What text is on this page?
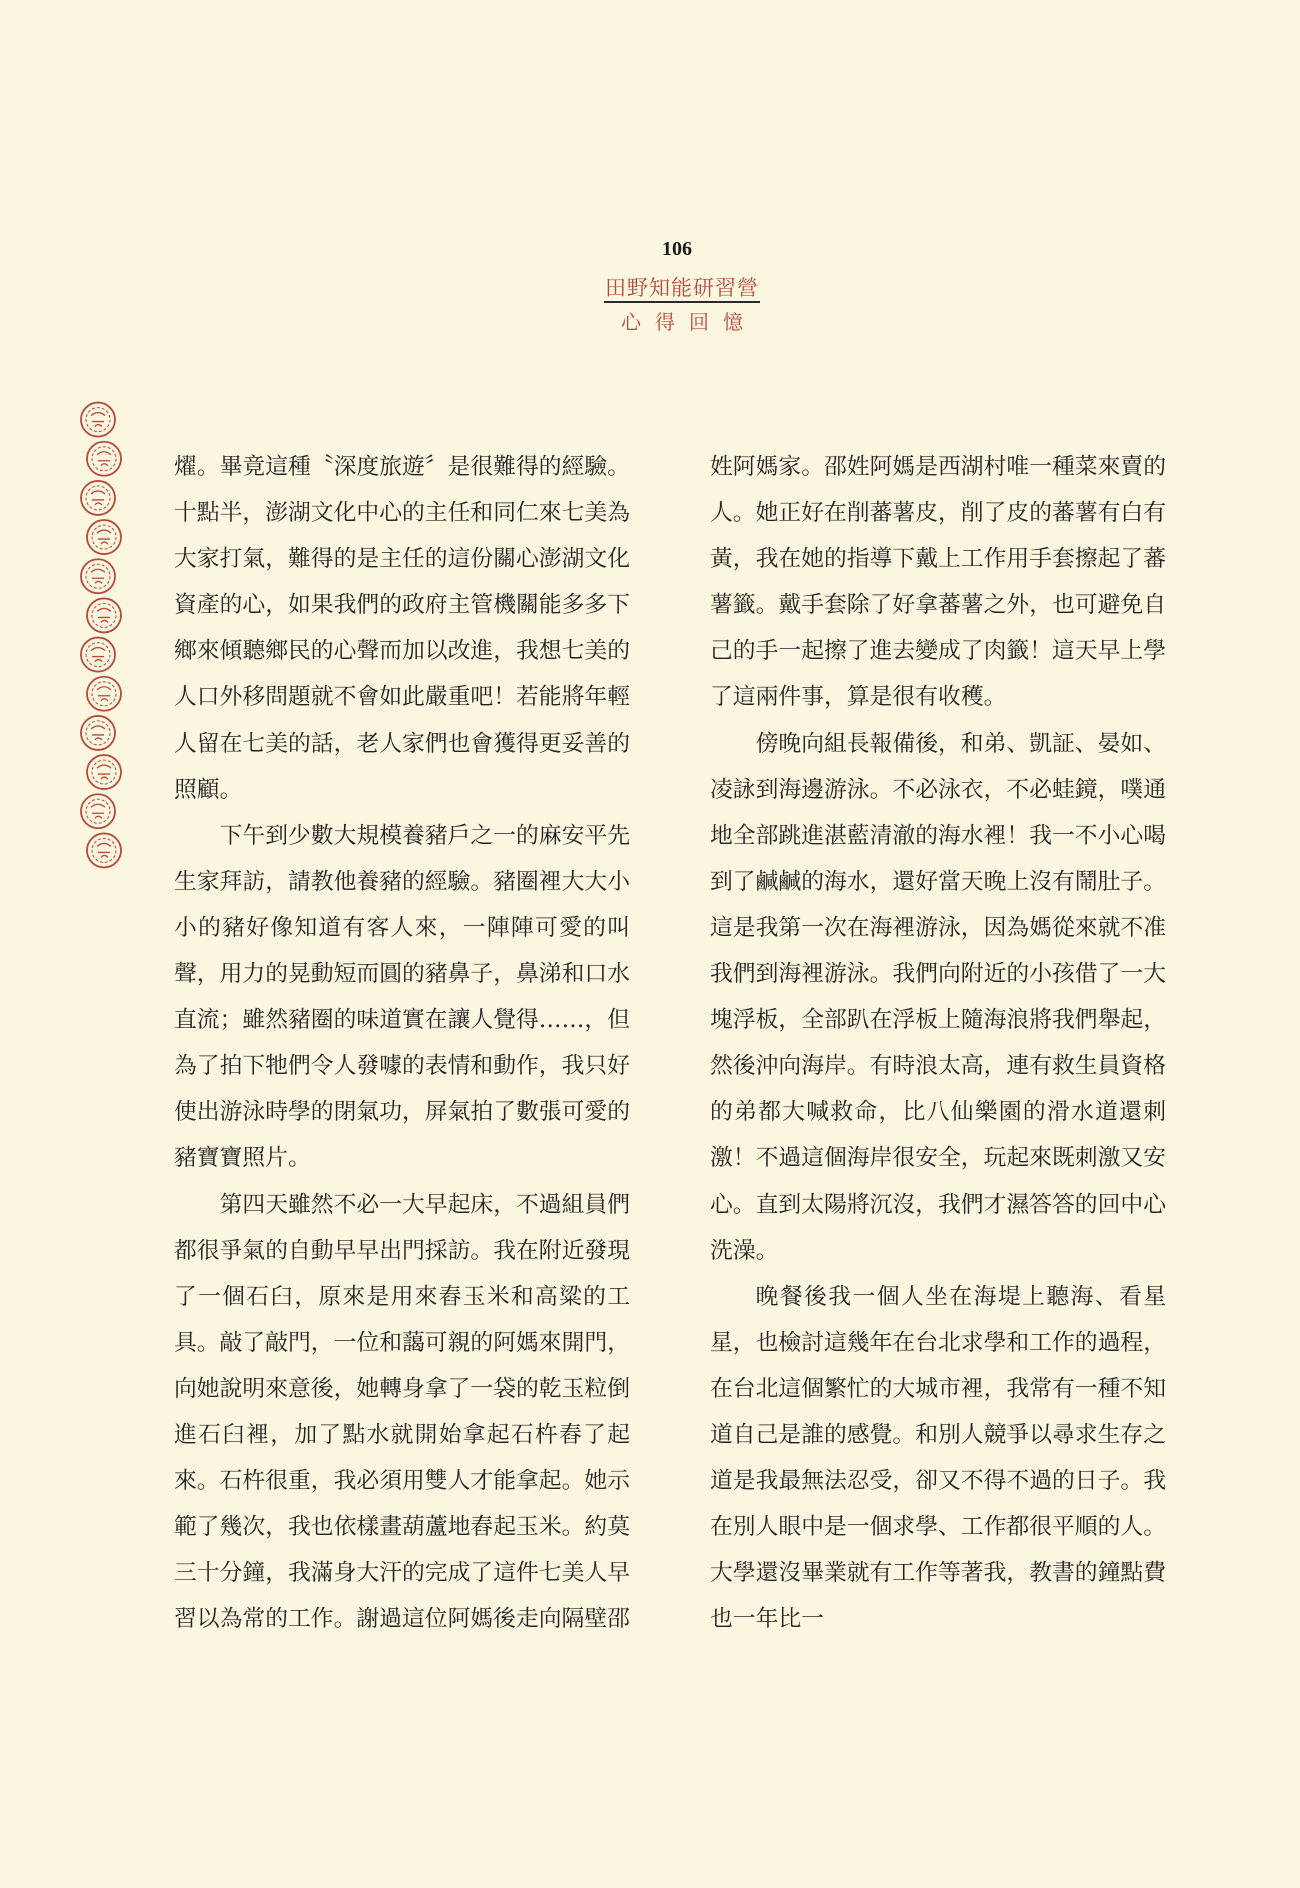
106
田野知能研習營
心得回憶

燿。畢竟這種〝深度旅遊〞是很難得的經驗。十點半，澎湖文化中心的主任和同仁來七美為大家打氣，難得的是主任的這份關心澎湖文化資產的心，如果我們的政府主管機關能多多下鄉來傾聽鄉民的心聲而加以改進，我想七美的人口外移問題就不會如此嚴重吧！若能將年輕人留在七美的話，老人家們也會獲得更妥善的照顧。

下午到少數大規模養豬戶之一的麻安平先生家拜訪，請教他養豬的經驗。豬圈裡大大小小的豬好像知道有客人來，一陣陣可愛的叫聲，用力的晃動短而圓的豬鼻子，鼻涕和口水直流；雖然豬圈的味道實在讓人覺得……，但為了拍下牠們令人發噱的表情和動作，我只好使出游泳時學的閉氣功，屏氣拍了數張可愛的豬寶寶照片。

第四天雖然不必一大早起床，不過組員們都很爭氣的自動早早出門採訪。我在附近發現了一個石臼，原來是用來舂玉米和高粱的工具。敲了敲門，一位和藹可親的阿媽來開門，向她說明來意後，她轉身拿了一袋的乾玉粒倒進石臼裡，加了點水就開始拿起石杵舂了起來。石杵很重，我必須用雙人才能拿起。她示範了幾次，我也依樣畫葫蘆地舂起玉米。約莫三十分鐘，我滿身大汗的完成了這件七美人早習以為常的工作。謝過這位阿媽後走向隔壁邵

姓阿媽家。邵姓阿媽是西湖村唯一種菜來賣的人。她正好在削蕃薯皮，削了皮的蕃薯有白有黃，我在她的指導下戴上工作用手套擦起了蕃薯籤。戴手套除了好拿蕃薯之外，也可避免自己的手一起擦了進去變成了肉籤！這天早上學了這兩件事，算是很有收穫。

傍晚向組長報備後，和弟、凱証、晏如、凌詠到海邊游泳。不必泳衣，不必蛙鏡，噗通地全部跳進湛藍清澈的海水裡！我一不小心喝到了鹹鹹的海水，還好當天晚上沒有鬧肚子。這是我第一次在海裡游泳，因為媽從來就不准我們到海裡游泳。我們向附近的小孩借了一大塊浮板，全部趴在浮板上隨海浪將我們舉起，然後沖向海岸。有時浪太高，連有救生員資格的弟都大喊救命，比八仙樂園的滑水道還刺激！不過這個海岸很安全，玩起來既刺激又安心。直到太陽將沉沒，我們才濕答答的回中心洗澡。

晚餐後我一個人坐在海堤上聽海、看星星，也檢討這幾年在台北求學和工作的過程，在台北這個繁忙的大城市裡，我常有一種不知道自己是誰的感覺。和別人競爭以尋求生存之道是我最無法忍受，卻又不得不過的日子。我在別人眼中是一個求學、工作都很平順的人。大學還沒畢業就有工作等著我，教書的鐘點費也一年比一
